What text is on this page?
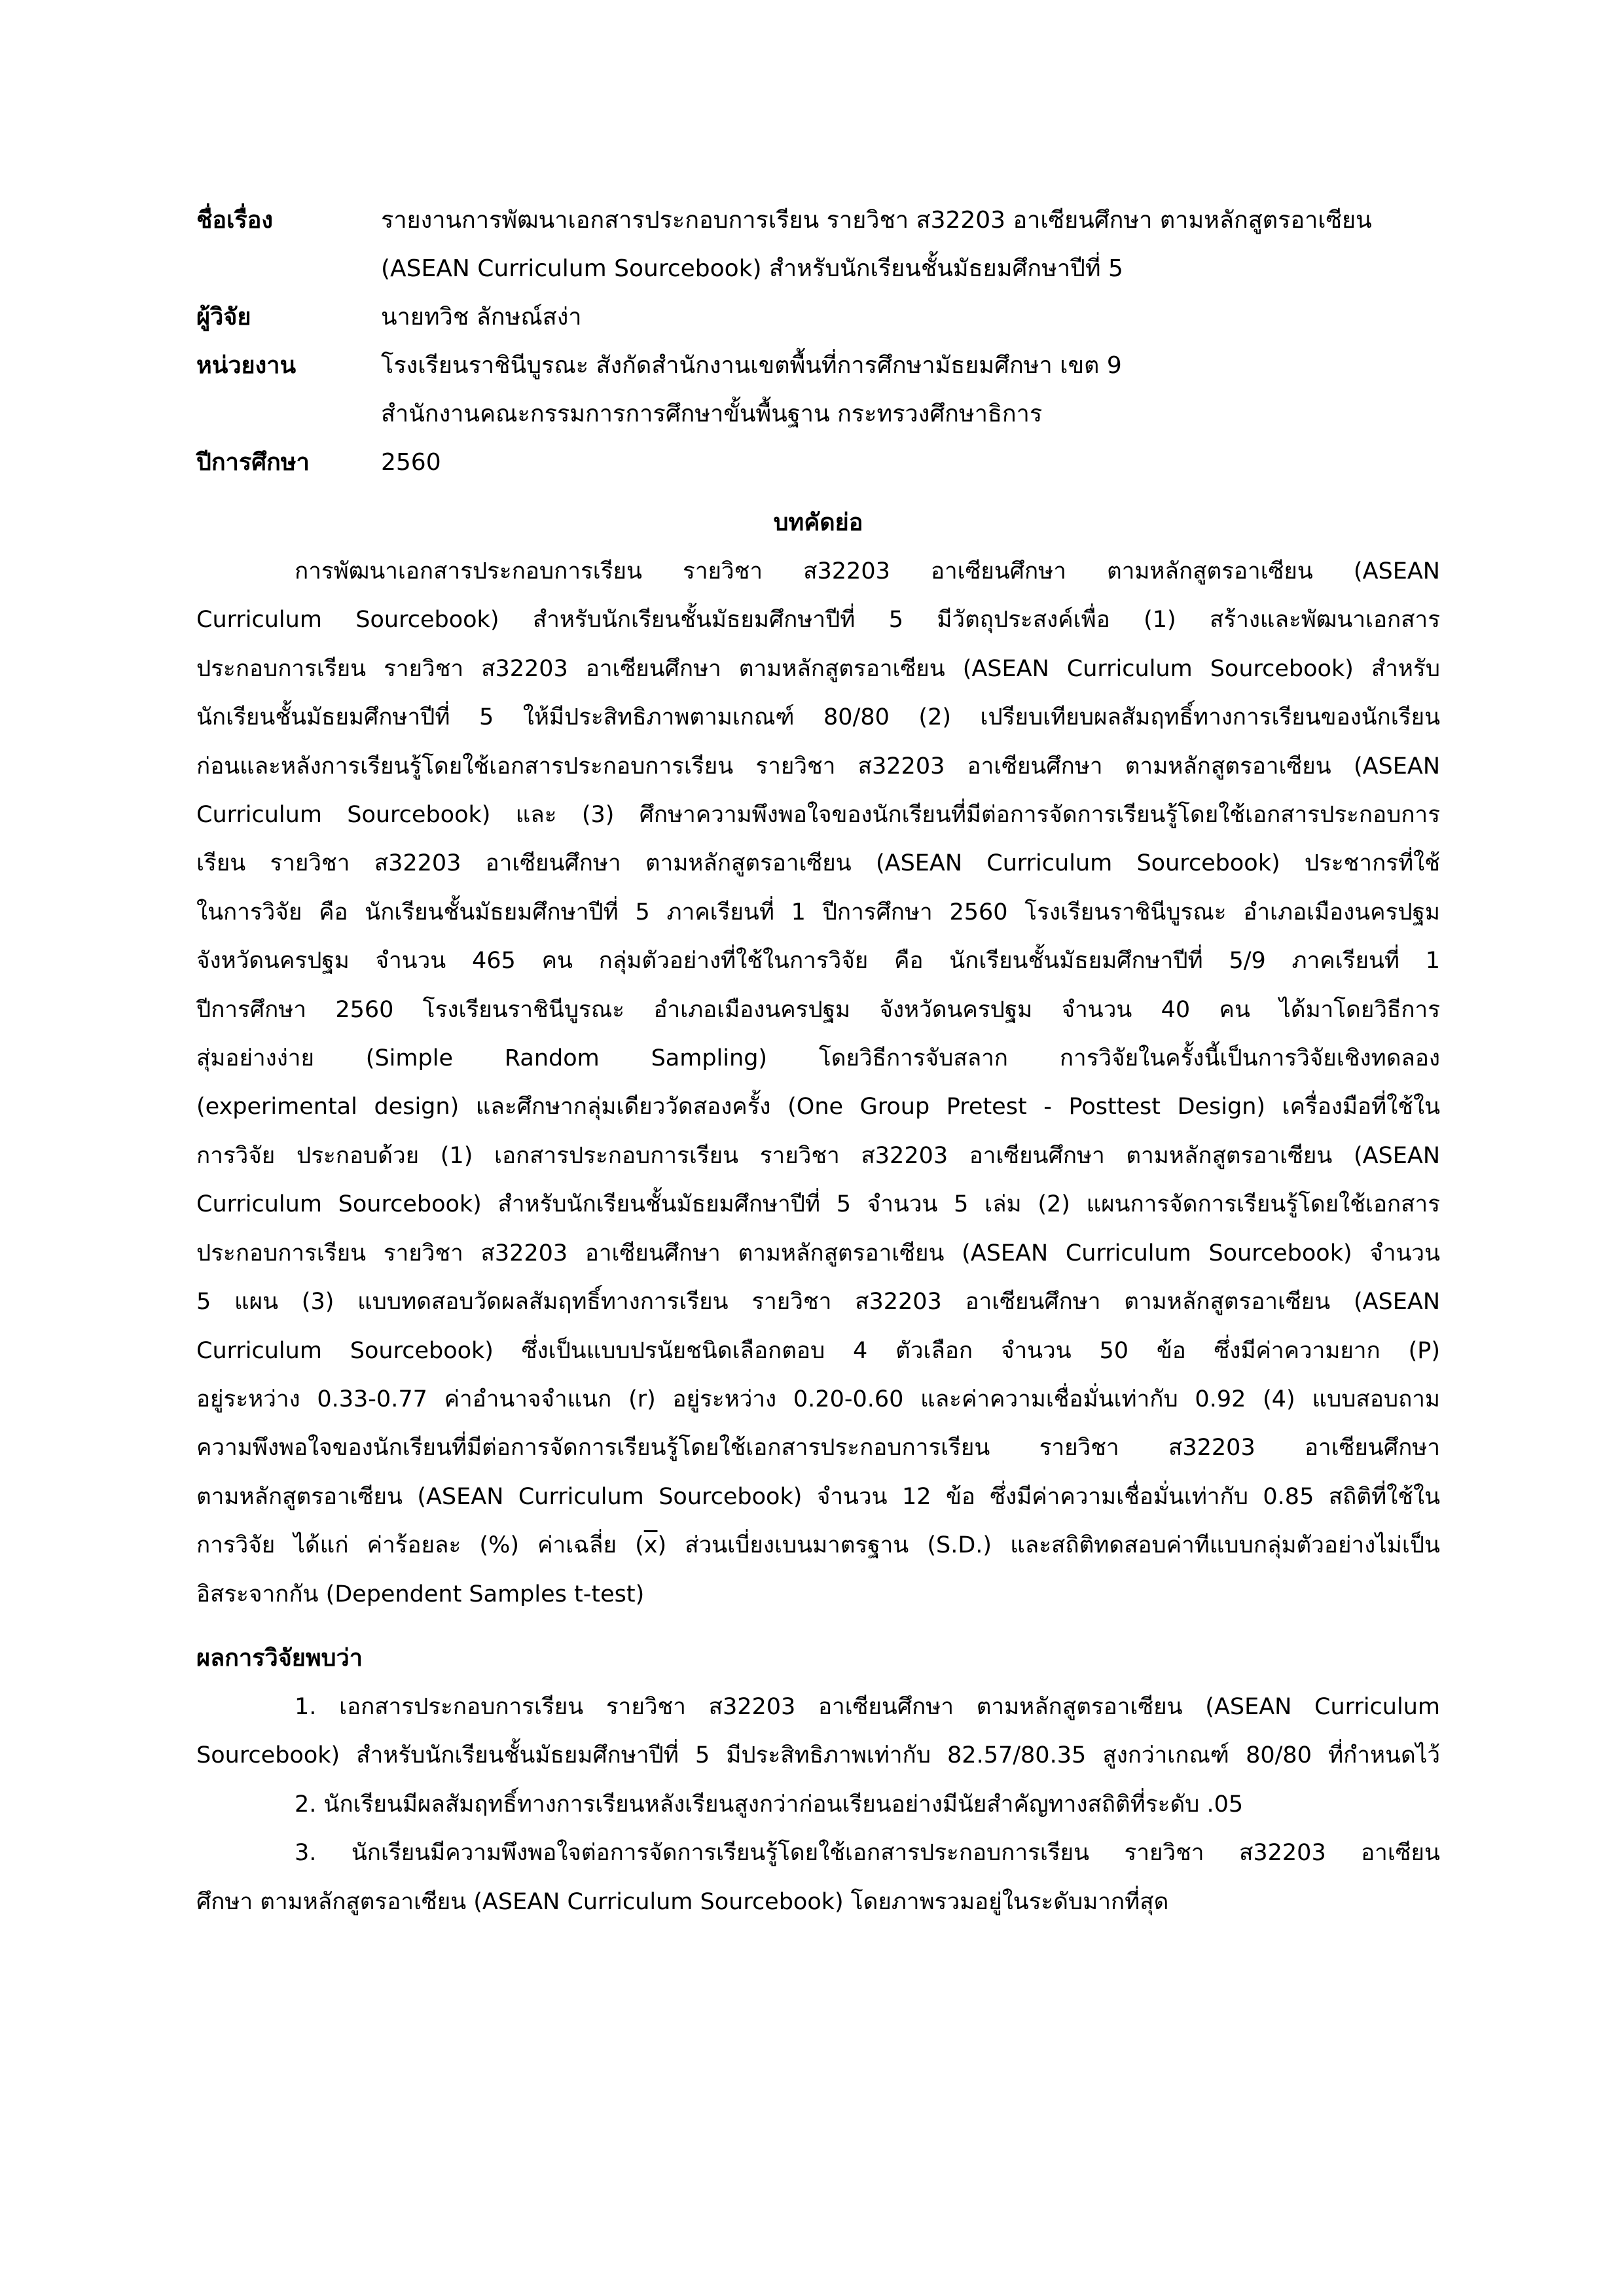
ชื่อเรื่อง	รายงานการพัฒนาเอกสารประกอบการเรียน รายวิชา ส32203 อาเซียนศึกษา ตามหลักสูตรอาเซียน
(ASEAN Curriculum Sourcebook) สำหรับนักเรียนชั้นมัธยมศึกษาปีที่ 5
ผู้วิจัย	นายทวิช ลักษณ์สง่า
หน่วยงาน	โรงเรียนราชินีบูรณะ สังกัดสำนักงานเขตพื้นที่การศึกษามัธยมศึกษา เขต 9
สำนักงานคณะกรรมการการศึกษาขั้นพื้นฐาน กระทรวงศึกษาธิการ
ปีการศึกษา	2560
บทคัดย่อ
การพัฒนาเอกสารประกอบการเรียน รายวิชา ส32203 อาเซียนศึกษา ตามหลักสูตรอาเซียน (ASEAN
Curriculum Sourcebook) สำหรับนักเรียนชั้นมัธยมศึกษาปีที่ 5 มีวัตถุประสงค์เพื่อ (1) สร้างและพัฒนาเอกสาร
ประกอบการเรียน รายวิชา ส32203 อาเซียนศึกษา ตามหลักสูตรอาเซียน (ASEAN Curriculum Sourcebook) สำหรับ
นักเรียนชั้นมัธยมศึกษาปีที่ 5 ให้มีประสิทธิภาพตามเกณฑ์ 80/80 (2) เปรียบเทียบผลสัมฤทธิ์ทางการเรียนของนักเรียน
ก่อนและหลังการเรียนรู้โดยใช้เอกสารประกอบการเรียน รายวิชา ส32203 อาเซียนศึกษา ตามหลักสูตรอาเซียน (ASEAN
Curriculum Sourcebook) และ (3) ศึกษาความพึงพอใจของนักเรียนที่มีต่อการจัดการเรียนรู้โดยใช้เอกสารประกอบการ
เรียน รายวิชา ส32203 อาเซียนศึกษา ตามหลักสูตรอาเซียน (ASEAN Curriculum Sourcebook) ประชากรที่ใช้
ในการวิจัย คือ นักเรียนชั้นมัธยมศึกษาปีที่ 5 ภาคเรียนที่ 1 ปีการศึกษา 2560 โรงเรียนราชินีบูรณะ อำเภอเมืองนครปฐม
จังหวัดนครปฐม จำนวน 465 คน กลุ่มตัวอย่างที่ใช้ในการวิจัย คือ นักเรียนชั้นมัธยมศึกษาปีที่ 5/9 ภาคเรียนที่ 1
ปีการศึกษา 2560 โรงเรียนราชินีบูรณะ อำเภอเมืองนครปฐม จังหวัดนครปฐม จำนวน 40 คน ได้มาโดยวิธีการ
สุ่มอย่างง่าย (Simple Random Sampling) โดยวิธีการจับสลาก การวิจัยในครั้งนี้เป็นการวิจัยเชิงทดลอง
(experimental design) และศึกษากลุ่มเดียววัดสองครั้ง (One Group Pretest - Posttest Design) เครื่องมือที่ใช้ใน
การวิจัย ประกอบด้วย (1) เอกสารประกอบการเรียน รายวิชา ส32203 อาเซียนศึกษา ตามหลักสูตรอาเซียน (ASEAN
Curriculum Sourcebook) สำหรับนักเรียนชั้นมัธยมศึกษาปีที่ 5 จำนวน 5 เล่ม (2) แผนการจัดการเรียนรู้โดยใช้เอกสาร
ประกอบการเรียน รายวิชา ส32203 อาเซียนศึกษา ตามหลักสูตรอาเซียน (ASEAN Curriculum Sourcebook) จำนวน
5 แผน (3) แบบทดสอบวัดผลสัมฤทธิ์ทางการเรียน รายวิชา ส32203 อาเซียนศึกษา ตามหลักสูตรอาเซียน (ASEAN
Curriculum Sourcebook) ซึ่งเป็นแบบปรนัยชนิดเลือกตอบ 4 ตัวเลือก จำนวน 50 ข้อ ซึ่งมีค่าความยาก (P)
อยู่ระหว่าง 0.33-0.77 ค่าอำนาจจำแนก (r) อยู่ระหว่าง 0.20-0.60 และค่าความเชื่อมั่นเท่ากับ 0.92 (4) แบบสอบถาม
ความพึงพอใจของนักเรียนที่มีต่อการจัดการเรียนรู้โดยใช้เอกสารประกอบการเรียน รายวิชา ส32203 อาเซียนศึกษา
ตามหลักสูตรอาเซียน (ASEAN Curriculum Sourcebook) จำนวน 12 ข้อ ซึ่งมีค่าความเชื่อมั่นเท่ากับ 0.85 สถิติที่ใช้ใน
การวิจัย ได้แก่ ค่าร้อยละ (%) ค่าเฉลี่ย $(\overline{x})$ ส่วนเบี่ยงเบนมาตรฐาน (S.D.) และสถิติทดสอบค่าทีแบบกลุ่มตัวอย่างไม่เป็น
อิสระจากกัน (Dependent Samples t-test)
ผลการวิจัยพบว่า
1. เอกสารประกอบการเรียน รายวิชา ส32203 อาเซียนศึกษา ตามหลักสูตรอาเซียน (ASEAN Curriculum
Sourcebook) สำหรับนักเรียนชั้นมัธยมศึกษาปีที่ 5 มีประสิทธิภาพเท่ากับ 82.57/80.35 สูงกว่าเกณฑ์ 80/80 ที่กำหนดไว้
2. นักเรียนมีผลสัมฤทธิ์ทางการเรียนหลังเรียนสูงกว่าก่อนเรียนอย่างมีนัยสำคัญทางสถิติที่ระดับ .05
3. นักเรียนมีความพึงพอใจต่อการจัดการเรียนรู้โดยใช้เอกสารประกอบการเรียน รายวิชา ส32203 อาเซียน
ศึกษา ตามหลักสูตรอาเซียน (ASEAN Curriculum Sourcebook) โดยภาพรวมอยู่ในระดับมากที่สุด
